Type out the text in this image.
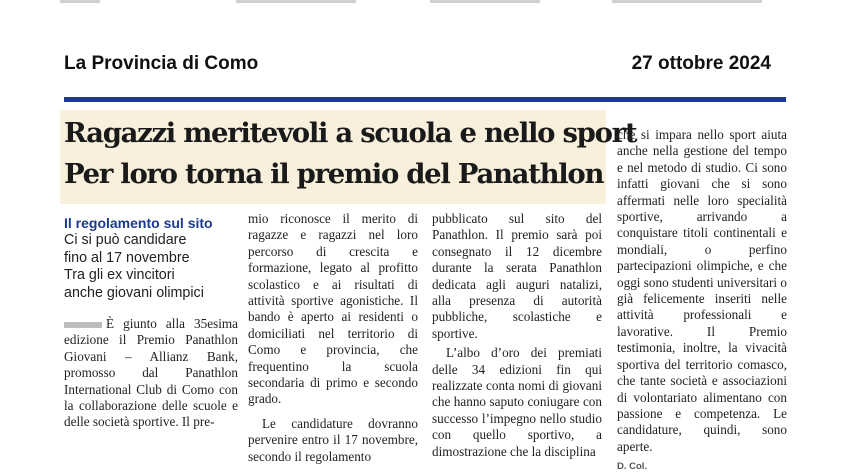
La Provincia di Como	27 ottobre 2024
Ragazzi meritevoli a scuola e nello sport
Per loro torna il premio del Panathlon
Il regolamento sul sito
Ci si può candidare
fino al 17 novembre
Tra gli ex vincitori
anche giovani olimpici

È giunto alla 35esima edizione il Premio Panathlon Giovani – Allianz Bank, promosso dal Panathlon International Club di Como con la collaborazione delle scuole e delle società sportive. Il pre-

mio riconosce il merito di ragazze e ragazzi nel loro percorso di crescita e formazione, legato al profitto scolastico e ai risultati di attività sportive agonistiche. Il bando è aperto ai residenti o domiciliati nel territorio di Como e provincia, che frequentino la scuola secondaria di primo e secondo grado.

Le candidature dovranno pervenire entro il 17 novembre, secondo il regolamento

pubblicato sul sito del Panathlon. Il premio sarà poi consegnato il 12 dicembre durante la serata Panathlon dedicata agli auguri natalizi, alla presenza di autorità pubbliche, scolastiche e sportive.

L’albo d’oro dei premiati delle 34 edizioni fin qui realizzate conta nomi di giovani che hanno saputo coniugare con successo l’impegno nello studio con quello sportivo, a dimostrazione che la disciplina

che si impara nello sport aiuta anche nella gestione del tempo e nel metodo di studio. Ci sono infatti giovani che si sono affermati nelle loro specialità sportive, arrivando a conquistare titoli continentali e mondiali, o perfino partecipazioni olimpiche, e che oggi sono studenti universitari o già felicemente inseriti nelle attività professionali e lavorative. Il Premio testimonia, inoltre, la vivacità sportiva del territorio comasco, che tante società e associazioni di volontariato alimentano con passione e competenza. Le candidature, quindi, sono aperte.

D. Col.
